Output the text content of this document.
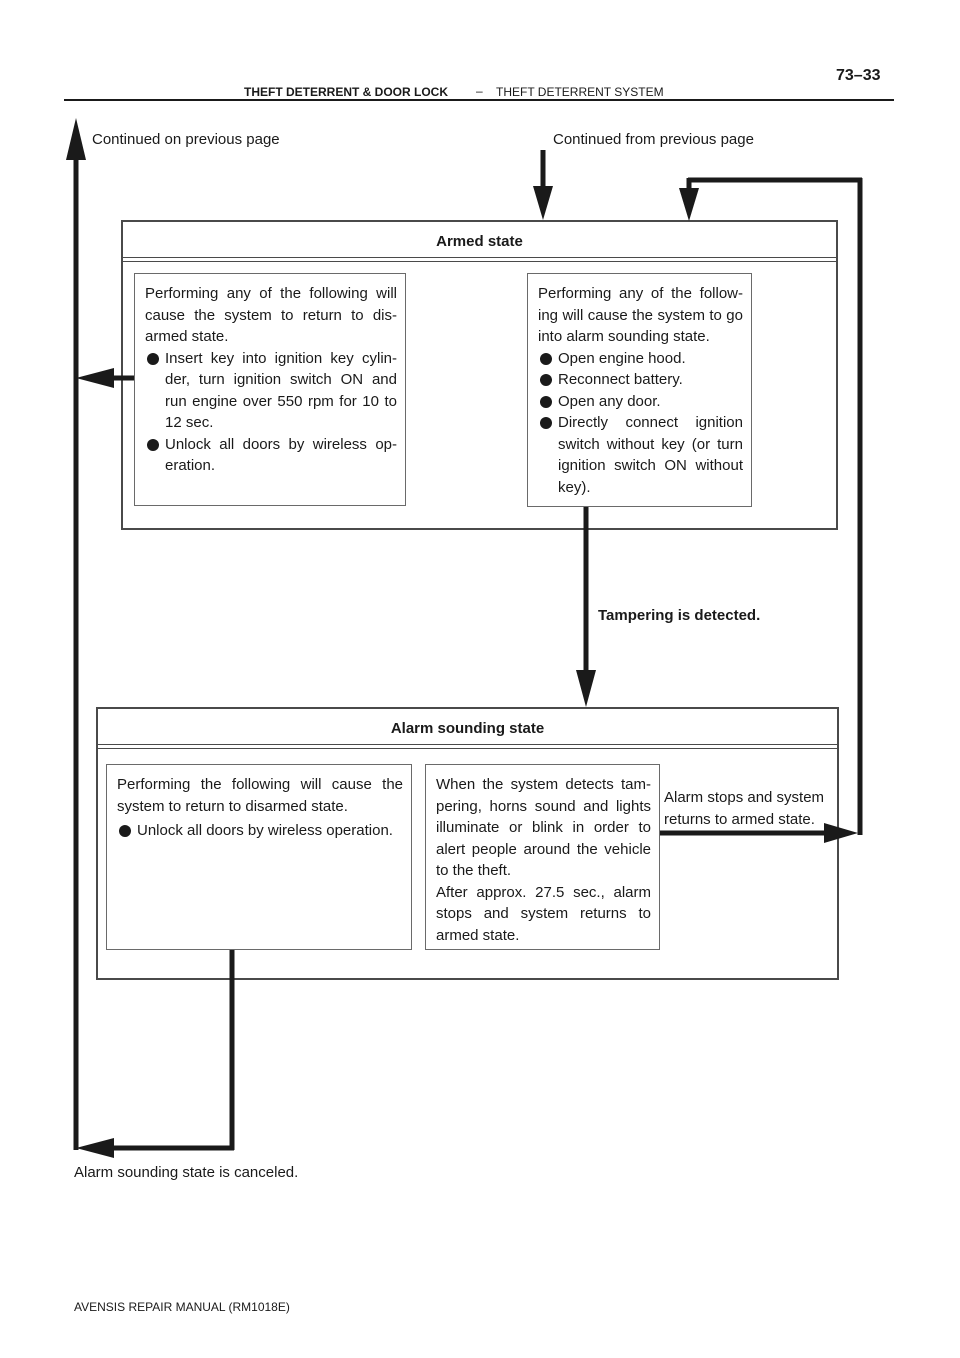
THEFT DETERRENT & DOOR LOCK – THEFT DETERRENT SYSTEM
73–33
Continued on previous page	Continued from previous page
Armed state

Performing any of the following will cause the system to return to dis- armed state.

Insert key into ignition key cylin- der, turn ignition switch ON and run engine over 550 rpm for 10 to 12 sec.
Unlock all doors by wireless op- eration.

Performing any of the follow- ing will cause the system to go into alarm sounding state.

Open engine hood.
Reconnect battery.
Open any door.
Directly connect ignition switch without key (or turn ignition switch ON without key).
Tampering is detected.
Alarm sounding state

Performing the following will cause the system to return to disarmed state.

Unlock all doors by wireless operation.

When the system detects tam- pering, horns sound and lights illuminate or blink in order to alert people around the vehicle to the theft.

After approx. 27.5 sec., alarm stops and system returns to armed state.

Alarm stops and system
returns to armed state.
Alarm sounding state is canceled.
AVENSIS REPAIR MANUAL (RM1018E)
